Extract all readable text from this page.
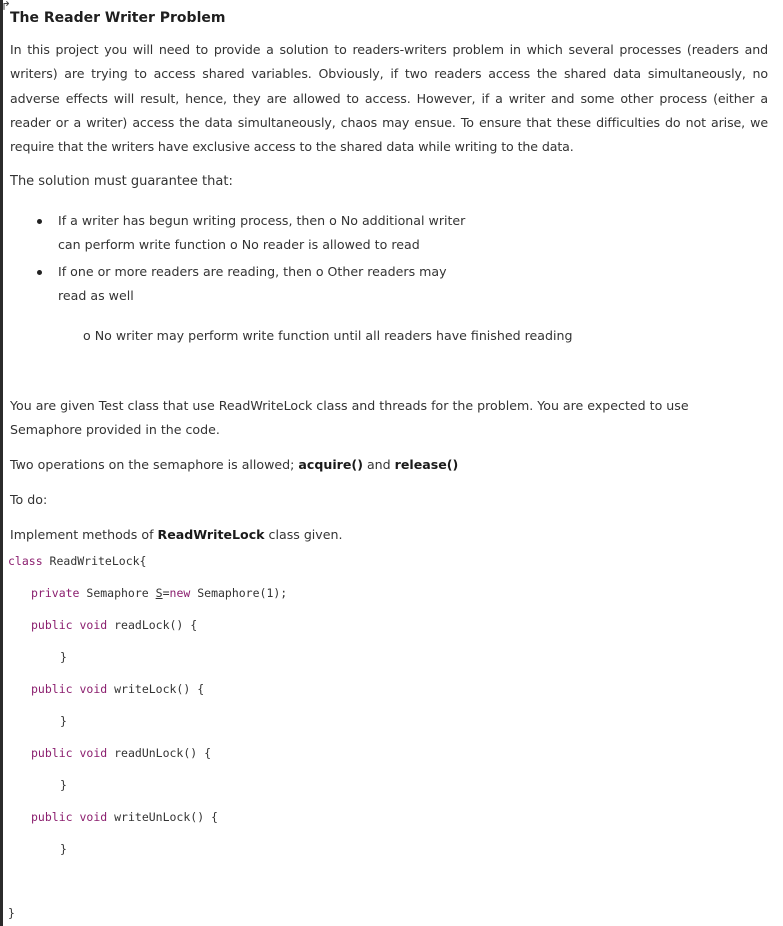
↱
The Reader Writer Problem
In this project you will need to provide a solution to readers-writers problem in which several processes (readers and writers) are trying to access shared variables. Obviously, if two readers access the shared data simultaneously, no adverse effects will result, hence, they are allowed to access. However, if a writer and some other process (either a reader or a writer) access the data simultaneously, chaos may ensue. To ensure that these difficulties do not arise, we require that the writers have exclusive access to the shared data while writing to the data.
The solution must guarantee that:
If a writer has begun writing process, then o No additional writer can perform write function o No reader is allowed to read
If one or more readers are reading, then o Other readers may read as well
o No writer may perform write function until all readers have finished reading
You are given Test class that use ReadWriteLock class and threads for the problem. You are expected to use Semaphore provided in the code.
Two operations on the semaphore is allowed; acquire() and release()
To do:
Implement methods of ReadWriteLock class given.
class ReadWriteLock{
private Semaphore S=new Semaphore(1);
public void readLock() {
}
public void writeLock() {
}
public void readUnLock() {
}
public void writeUnLock() {
}
}
